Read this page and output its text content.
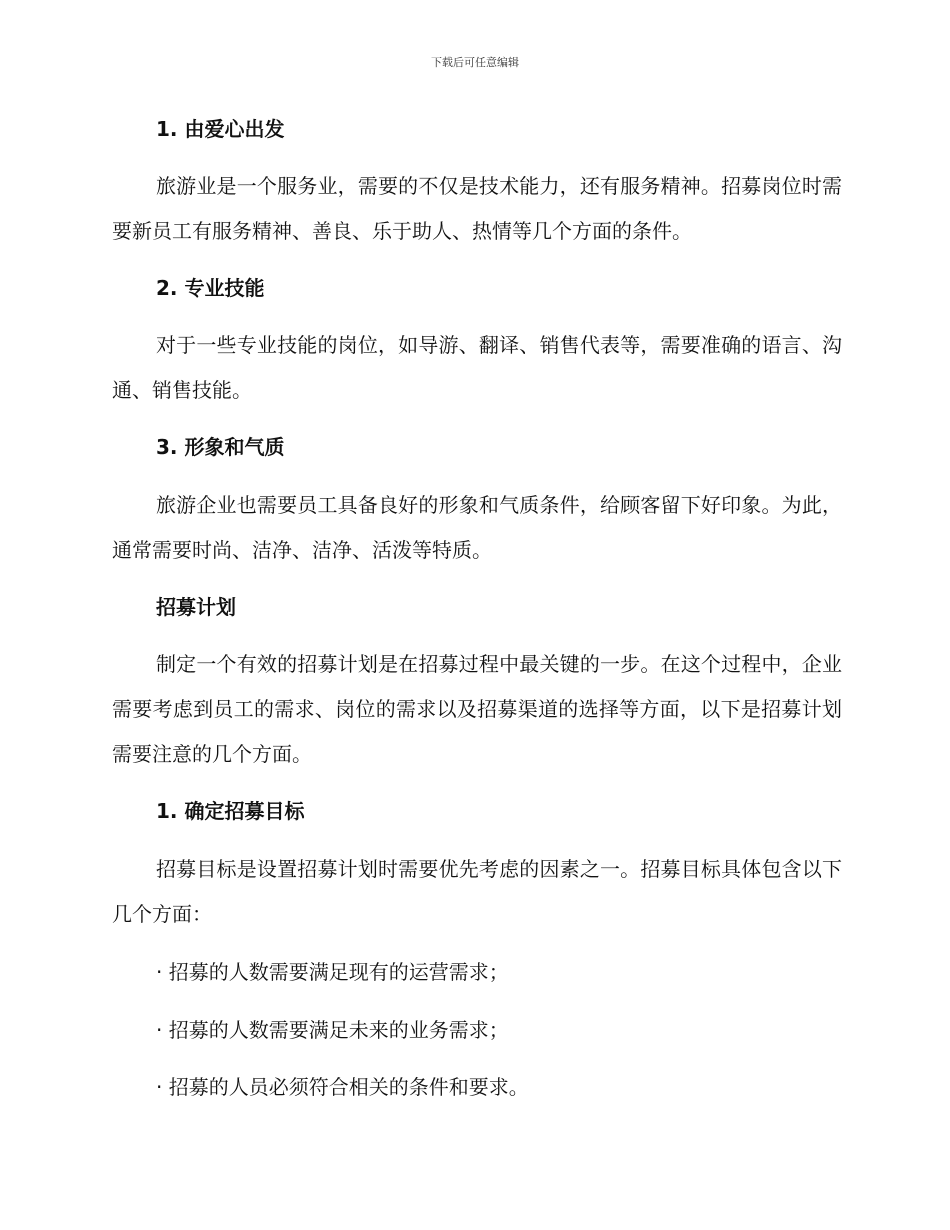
下载后可任意编辑
1. 由爱心出发
旅游业是一个服务业，需要的不仅是技术能力，还有服务精神。招募岗位时需要新员工有服务精神、善良、乐于助人、热情等几个方面的条件。
2. 专业技能
对于一些专业技能的岗位，如导游、翻译、销售代表等，需要准确的语言、沟通、销售技能。
3. 形象和气质
旅游企业也需要员工具备良好的形象和气质条件，给顾客留下好印象。为此，通常需要时尚、洁净、洁净、活泼等特质。
招募计划
制定一个有效的招募计划是在招募过程中最关键的一步。在这个过程中，企业需要考虑到员工的需求、岗位的需求以及招募渠道的选择等方面，以下是招募计划需要注意的几个方面。
1. 确定招募目标
招募目标是设置招募计划时需要优先考虑的因素之一。招募目标具体包含以下几个方面：
· 招募的人数需要满足现有的运营需求；
· 招募的人数需要满足未来的业务需求；
· 招募的人员必须符合相关的条件和要求。
